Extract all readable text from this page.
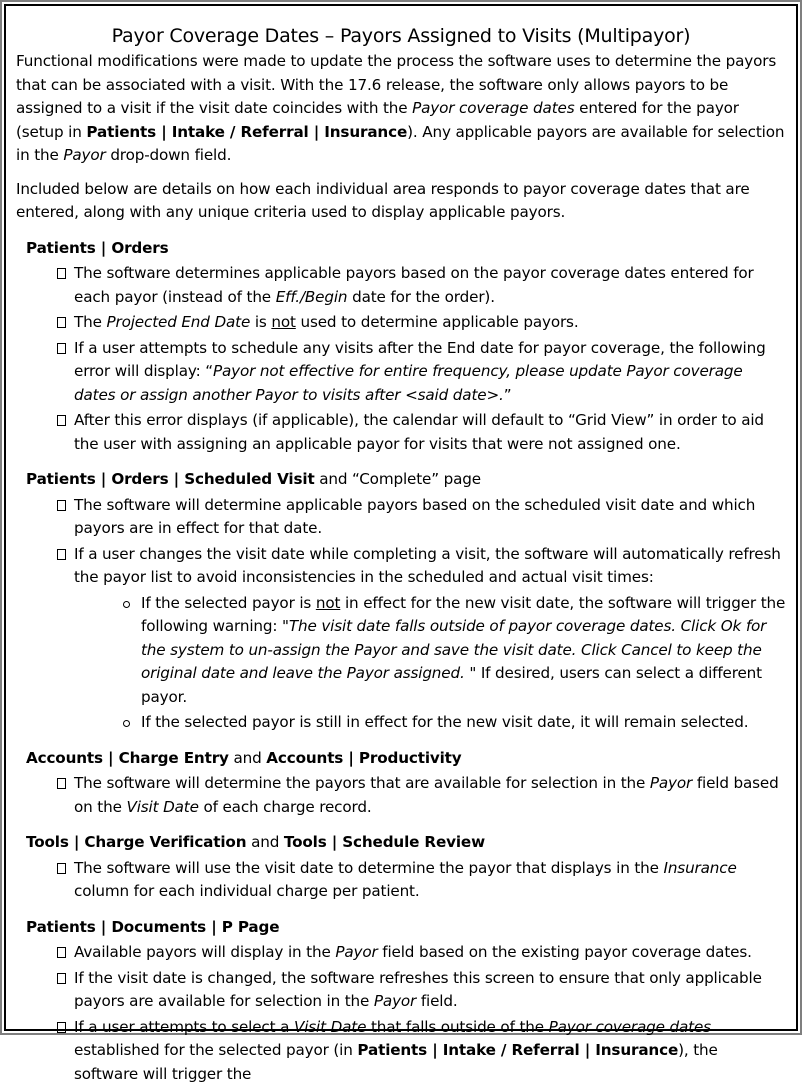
Payor Coverage Dates – Payors Assigned to Visits (Multipayor)

Functional modifications were made to update the process the software uses to determine the payors that can be associated with a visit. With the 17.6 release, the software only allows payors to be assigned to a visit if the visit date coincides with the Payor coverage dates entered for the payor (setup in Patients | Intake / Referral | Insurance). Any applicable payors are available for selection in the Payor drop-down field.

Included below are details on how each individual area responds to payor coverage dates that are entered, along with any unique criteria used to display applicable payors.

Patients | Orders
The software determines applicable payors based on the payor coverage dates entered for each payor (instead of the Eff./Begin date for the order).
The Projected End Date is not used to determine applicable payors.
If a user attempts to schedule any visits after the End date for payor coverage, the following error will display: “Payor not effective for entire frequency, please update Payor coverage dates or assign another Payor to visits after <said date>.”
After this error displays (if applicable), the calendar will default to “Grid View” in order to aid the user with assigning an applicable payor for visits that were not assigned one.
Patients | Orders | Scheduled Visit and “Complete” page
The software will determine applicable payors based on the scheduled visit date and which payors are in effect for that date.
If a user changes the visit date while completing a visit, the software will automatically refresh the payor list to avoid inconsistencies in the scheduled and actual visit times:
If the selected payor is not in effect for the new visit date, the software will trigger the following warning: "The visit date falls outside of payor coverage dates. Click Ok for the system to un-assign the Payor and save the visit date. Click Cancel to keep the original date and leave the Payor assigned. " If desired, users can select a different payor.
If the selected payor is still in effect for the new visit date, it will remain selected.
Accounts | Charge Entry and Accounts | Productivity
The software will determine the payors that are available for selection in the Payor field based on the Visit Date of each charge record.
Tools | Charge Verification and Tools | Schedule Review
The software will use the visit date to determine the payor that displays in the Insurance column for each individual charge per patient.
Patients | Documents | P Page
Available payors will display in the Payor field based on the existing payor coverage dates.
If the visit date is changed, the software refreshes this screen to ensure that only applicable payors are available for selection in the Payor field.
If a user attempts to select a Visit Date that falls outside of the Payor coverage dates established for the selected payor (in Patients | Intake / Referral | Insurance), the software will trigger the
